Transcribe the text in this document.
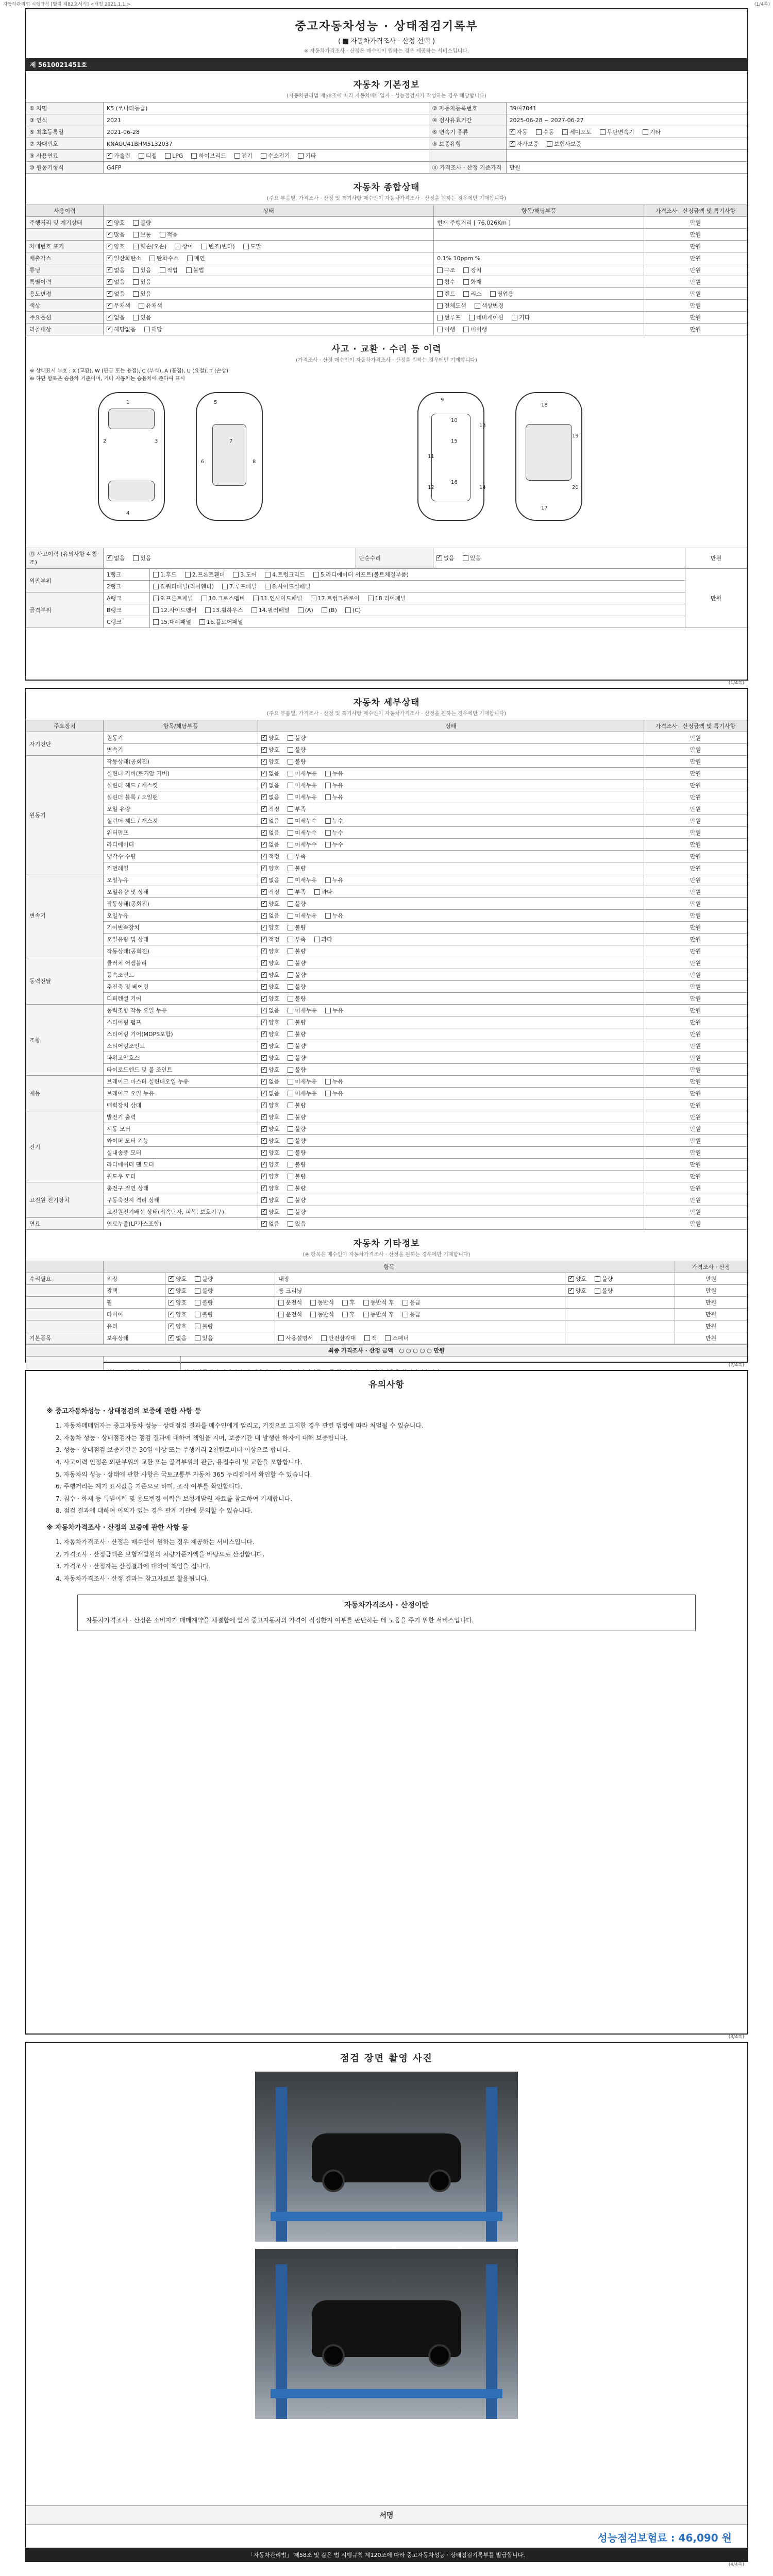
자동차관리법 시행규칙 [별지 제82호서식] <개정 2021.1.1.>	(1/4쪽)
중고자동차성능 · 상태점검기록부
( 자동차가격조사 · 산정 선택 )
※ 자동차가격조사 · 산정은 매수인이 원하는 경우 제공하는 서비스입니다.
제 5610021451호
자동차 기본정보
(자동차관리법 제58조에 따라 자동차매매업자 · 성능점검자가 작성하는 경우 해당합니다)
① 차명	K5 (쏘나타등급)	② 자동차등록번호	39여7041
③ 연식	2021	④ 검사유효기간	2025-06-28 ~ 2027-06-27
⑤ 최초등록일	2021-06-28	⑥ 변속기 종류	✓자동 수동 세미오토 무단변속기 기타
⑦ 차대번호	KNAGU41BHM5132037	⑧ 보증유형	✓자가보증 보험사보증
⑨ 사용연료	✓가솔린 디젤 LPG 하이브리드 전기 수소전기 기타		
⑩ 원동기형식	G4FP	⑪ 가격조사 · 산정 기준가격	만원
자동차 종합상태
(주요 부품별, 가격조사 · 산정 및 특기사항 매수인이 자동차가격조사 · 산정을 원하는 경우에만 기재합니다)
사용이력	상태	항목/해당부품	가격조사 · 산정금액 및 특기사항
주행거리 및 계기상태	✓양호 불량	현재 주행거리 [ 76,026Km ]	만원
	✓많음 보통 적음		만원
차대번호 표기	✓양호 훼손(오손) 상이 변조(변타) 도말		만원
배출가스	✓일산화탄소 탄화수소 매연	0.1% 10ppm %	만원
튜닝	✓없음 있음 적법 불법	구조 장치	만원
특별이력	✓없음 있음	침수 화재	만원
용도변경	✓없음 있음	렌트 리스 영업용	만원
색상	✓무채색 유채색	전체도색 색상변경	만원
주요옵션	✓없음 있음	썬루프 네비게이션 기타	만원
리콜대상	✓해당없음 해당	이행 미이행	만원
사고 · 교환 · 수리 등 이력
(가격조사 · 산정 매수인이 자동차가격조사 · 산정을 원하는 경우에만 기재합니다)
※ 상태표시 부호 : X (교환), W (판금 또는 용접), C (부식), A (흠집), U (요철), T (손상)
※ 하단 항목은 승용차 기준이며, 기타 자동차는 승용차에 준하여 표시
1
2	3
4
5
6
7
8
9
10
11
12
13
14
15
16
17
18
19
20
⑬ 사고이력 (유의사항 4 참조)	✓없음	있음	단순수리	✓없음	있음	만원
외판부위	1랭크	1.후드 2.프론트휀더 3.도어 4.트렁크리드 5.라디에이터 서포트(볼트체결부품)	만원
	2랭크	6.쿼터패널(리어휀더) 7.루프패널 8.사이드실패널	
골격부위	A랭크	9.프론트패널 10.크로스멤버 11.인사이드패널 17.트렁크플로어 18.리어패널	
	B랭크	12.사이드멤버 13.휠하우스 14.필러패널 (A) (B) (C)	
	C랭크	15.대쉬패널 16.플로어패널	
(1/4쪽)
자동차 세부상태
(주요 부품별, 가격조사 · 산정 및 특기사항 매수인이 자동차가격조사 · 산정을 원하는 경우에만 기재합니다)
주요장치	항목/해당부품	상태	가격조사 · 산정금액 및 특기사항
자기진단	원동기	✓양호 불량	만원
	변속기	✓양호 불량	만원
원동기	작동상태(공회전)	✓양호 불량	만원
	실린더 커버(로커암 커버)	✓없음 미세누유 누유	만원
	실린더 헤드 / 개스킷	✓없음 미세누유 누유	만원
	실린더 블록 / 오일팬	✓없음 미세누유 누유	만원
	오일 유량	✓적정 부족	만원
	실린더 헤드 / 개스킷	✓없음 미세누수 누수	만원
	워터펌프	✓없음 미세누수 누수	만원
	라디에이터	✓없음 미세누수 누수	만원
	냉각수 수량	✓적정 부족	만원
	커먼레일	✓양호 불량	만원
변속기	오일누유	✓없음 미세누유 누유	만원
	오일유량 및 상태	✓적정 부족 과다	만원
	작동상태(공회전)	✓양호 불량	만원
	오일누유	✓없음 미세누유 누유	만원
	기어변속장치	✓양호 불량	만원
	오일유량 및 상태	✓적정 부족 과다	만원
	작동상태(공회전)	✓양호 불량	만원
동력전달	클러치 어셈블리	✓양호 불량	만원
	등속조인트	✓양호 불량	만원
	추진축 및 베어링	✓양호 불량	만원
	디퍼렌셜 기어	✓양호 불량	만원
조향	동력조향 작동 오일 누유	✓없음 미세누유 누유	만원
	스티어링 펌프	✓양호 불량	만원
	스티어링 기어(MDPS포함)	✓양호 불량	만원
	스티어링조인트	✓양호 불량	만원
	파워고압호스	✓양호 불량	만원
	타이로드엔드 및 볼 조인트	✓양호 불량	만원
제동	브레이크 마스터 실린더오일 누유	✓없음 미세누유 누유	만원
	브레이크 오일 누유	✓없음 미세누유 누유	만원
	배력장치 상태	✓양호 불량	만원
전기	발전기 출력	✓양호 불량	만원
	시동 모터	✓양호 불량	만원
	와이퍼 모터 기능	✓양호 불량	만원
	실내송풍 모터	✓양호 불량	만원
	라디에이터 팬 모터	✓양호 불량	만원
	윈도우 모터	✓양호 불량	만원
고전원 전기장치	충전구 절연 상태	✓양호 불량	만원
	구동축전지 격리 상태	✓양호 불량	만원
	고전원전기배선 상태(접속단자, 피복, 보호기구)	✓양호 불량	만원
연료	연료누출(LP가스포함)	✓없음 있음	만원
자동차 기타정보
(※ 항목은 매수인이 자동차가격조사 · 산정을 원하는 경우에만 기재합니다)
	항목				가격조사 · 산정
수리필요	외장	✓양호 불량	내장	✓양호 불량	만원
	광택	✓양호 불량	룸 크리닝	✓양호 불량	만원
	휠	✓양호 불량	운전석 동반석 후 동반석 후 응급		만원
	타이어	✓양호 불량	운전석 동반석 후 동반석 후 응급		만원
	유리	✓양호 불량			만원
기본품목	보유상태	✓없음 있음	사용설명서 안전삼각대 잭 스패너		만원
최종 가격조사 · 산정 금액   ○ ○ ○ ○ ○ 만원		

(2/4쪽)
유의사항
※ 중고자동차성능 · 상태점검의 보증에 관한 사항 등
1. 자동차매매업자는 중고자동차 성능 · 상태점검 결과를 매수인에게 알리고, 거짓으로 고지한 경우 관련 법령에 따라 처벌될 수 있습니다.
2. 자동차 성능 · 상태점검자는 점검 결과에 대하여 책임을 지며, 보증기간 내 발생한 하자에 대해 보증합니다.
3. 성능 · 상태점검 보증기간은 30일 이상 또는 주행거리 2천킬로미터 이상으로 합니다.
4. 사고이력 인정은 외판부위의 교환 또는 골격부위의 판금, 용접수리 및 교환을 포함합니다.
5. 자동차의 성능 · 상태에 관한 사항은 국토교통부 자동차 365 누리집에서 확인할 수 있습니다.
6. 주행거리는 계기 표시값을 기준으로 하며, 조작 여부를 확인합니다.
7. 침수 · 화재 등 특별이력 및 용도변경 이력은 보험개발원 자료를 참고하여 기재합니다.
8. 점검 결과에 대하여 이의가 있는 경우 관계 기관에 문의할 수 있습니다.
※ 자동차가격조사 · 산정의 보증에 관한 사항 등
1. 자동차가격조사 · 산정은 매수인이 원하는 경우 제공하는 서비스입니다.
2. 가격조사 · 산정금액은 보험개발원의 차량기준가액을 바탕으로 산정합니다.
3. 가격조사 · 산정자는 산정결과에 대하여 책임을 집니다.
4. 자동차가격조사 · 산정 결과는 참고자료로 활용됩니다.
자동차가격조사 · 산정이란
자동차가격조사 · 산정은 소비자가 매매계약을 체결함에 앞서 중고자동차의 가격이 적정한지 여부를 판단하는 데 도움을 주기 위한 서비스입니다.
(3/4쪽)
점검 장면 촬영 사진
서명
성능점검보험료 : 46,090 원
「자동차관리법」 제58조 및 같은 법 시행규칙 제120조에 따라 중고자동차성능 · 상태점검기록부를 발급합니다.
(4/4쪽)
